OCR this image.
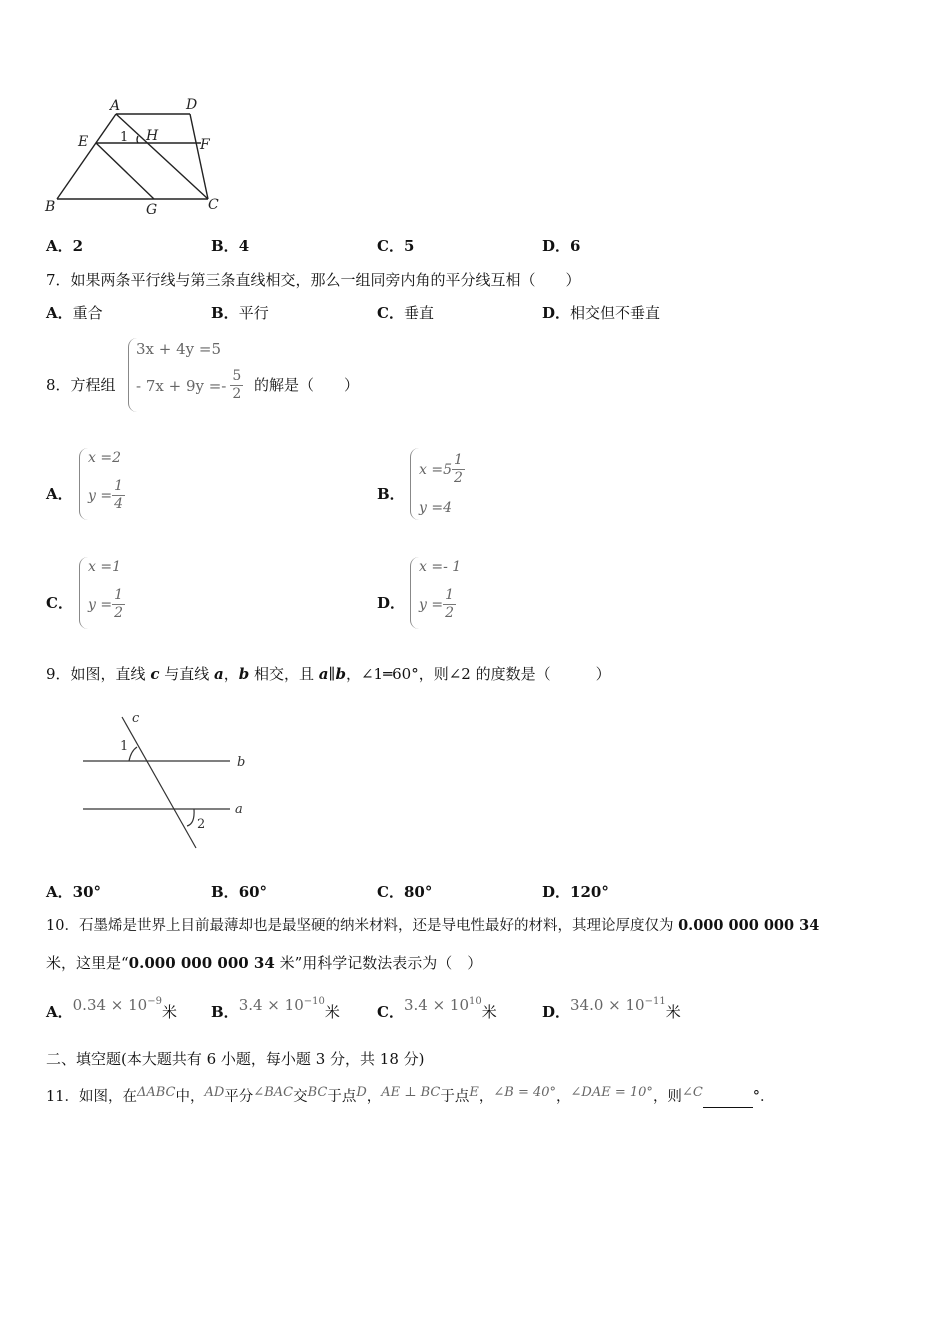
A	D
E	H
F
B	G	C
1
A．2	B．4	C．5	D．6
7．如果两条平行线与第三条直线相交，那么一组同旁内角的平分线互相（　　）
A．重合	B．平行	C．垂直	D．相交但不垂直
8．方程组
3x + 4y =5
- $7x + 9y =- \frac{5}{2}$ 的解是（　　）
A．
x =2
$y = \frac{1}{4}$	B．
$x =5 \frac{1}{2}$
y =4
C．
x =1
$y = \frac{1}{2}$	D．
x =- 1
$y = \frac{1}{2}$
9．如图，直线 c 与直线 a，b 相交，且 a∥b，∠1═60°，则∠2 的度数是（　　　）
c
1
b
a
2
A．30°	B．60°	C．80°	D．120°
10．石墨烯是世界上目前最薄却也是最坚硬的纳米材料，还是导电性最好的材料，其理论厚度仅为 0.000 000 000 34
米，这里是“0.000 000 000 34 米”用科学记数法表示为（　）
A．$0.34 \times 10^{-9}$米 B．$3.4 \times 10^{-10}$米 C．$3.4 \times 10^{10}$米	D．$34.0 \times 10^{-11}$米
二、填空题(本大题共有 6 小题，每小题 3 分，共 18 分)
11．如图，在ΔABC中，AD平分∠BAC交BC于点D，AE ⊥ BC于点E，∠B = 40°，∠DAE = 10°，则∠C	°．
